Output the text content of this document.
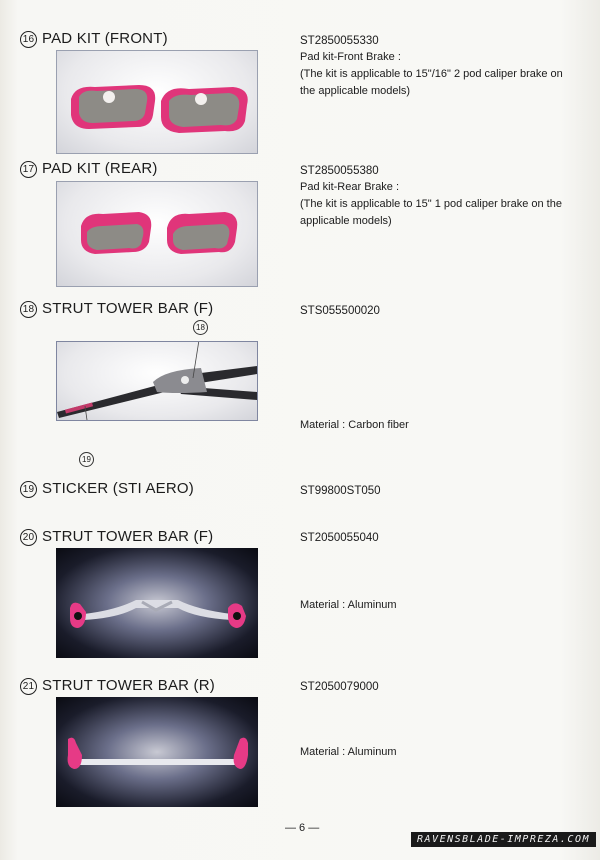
16 PAD KIT (FRONT)	ST2850055330
Pad kit-Front Brake :
(The kit is applicable to 15"/16" 2 pod caliper brake on
the applicable models)
17 PAD KIT (REAR)	ST2850055380
Pad kit-Rear Brake :
(The kit is applicable to 15" 1 pod caliper brake on the
applicable models)
18 STRUT TOWER BAR (F)	STS055500020
18
19
Material : Carbon fiber
19 STICKER (STI AERO)	ST99800ST050
20 STRUT TOWER BAR (F)	ST2050055040
Material : Aluminum
21 STRUT TOWER BAR (R)	ST2050079000
Material : Aluminum
— 6 —
RAVENSBLADE-IMPREZA.COM
